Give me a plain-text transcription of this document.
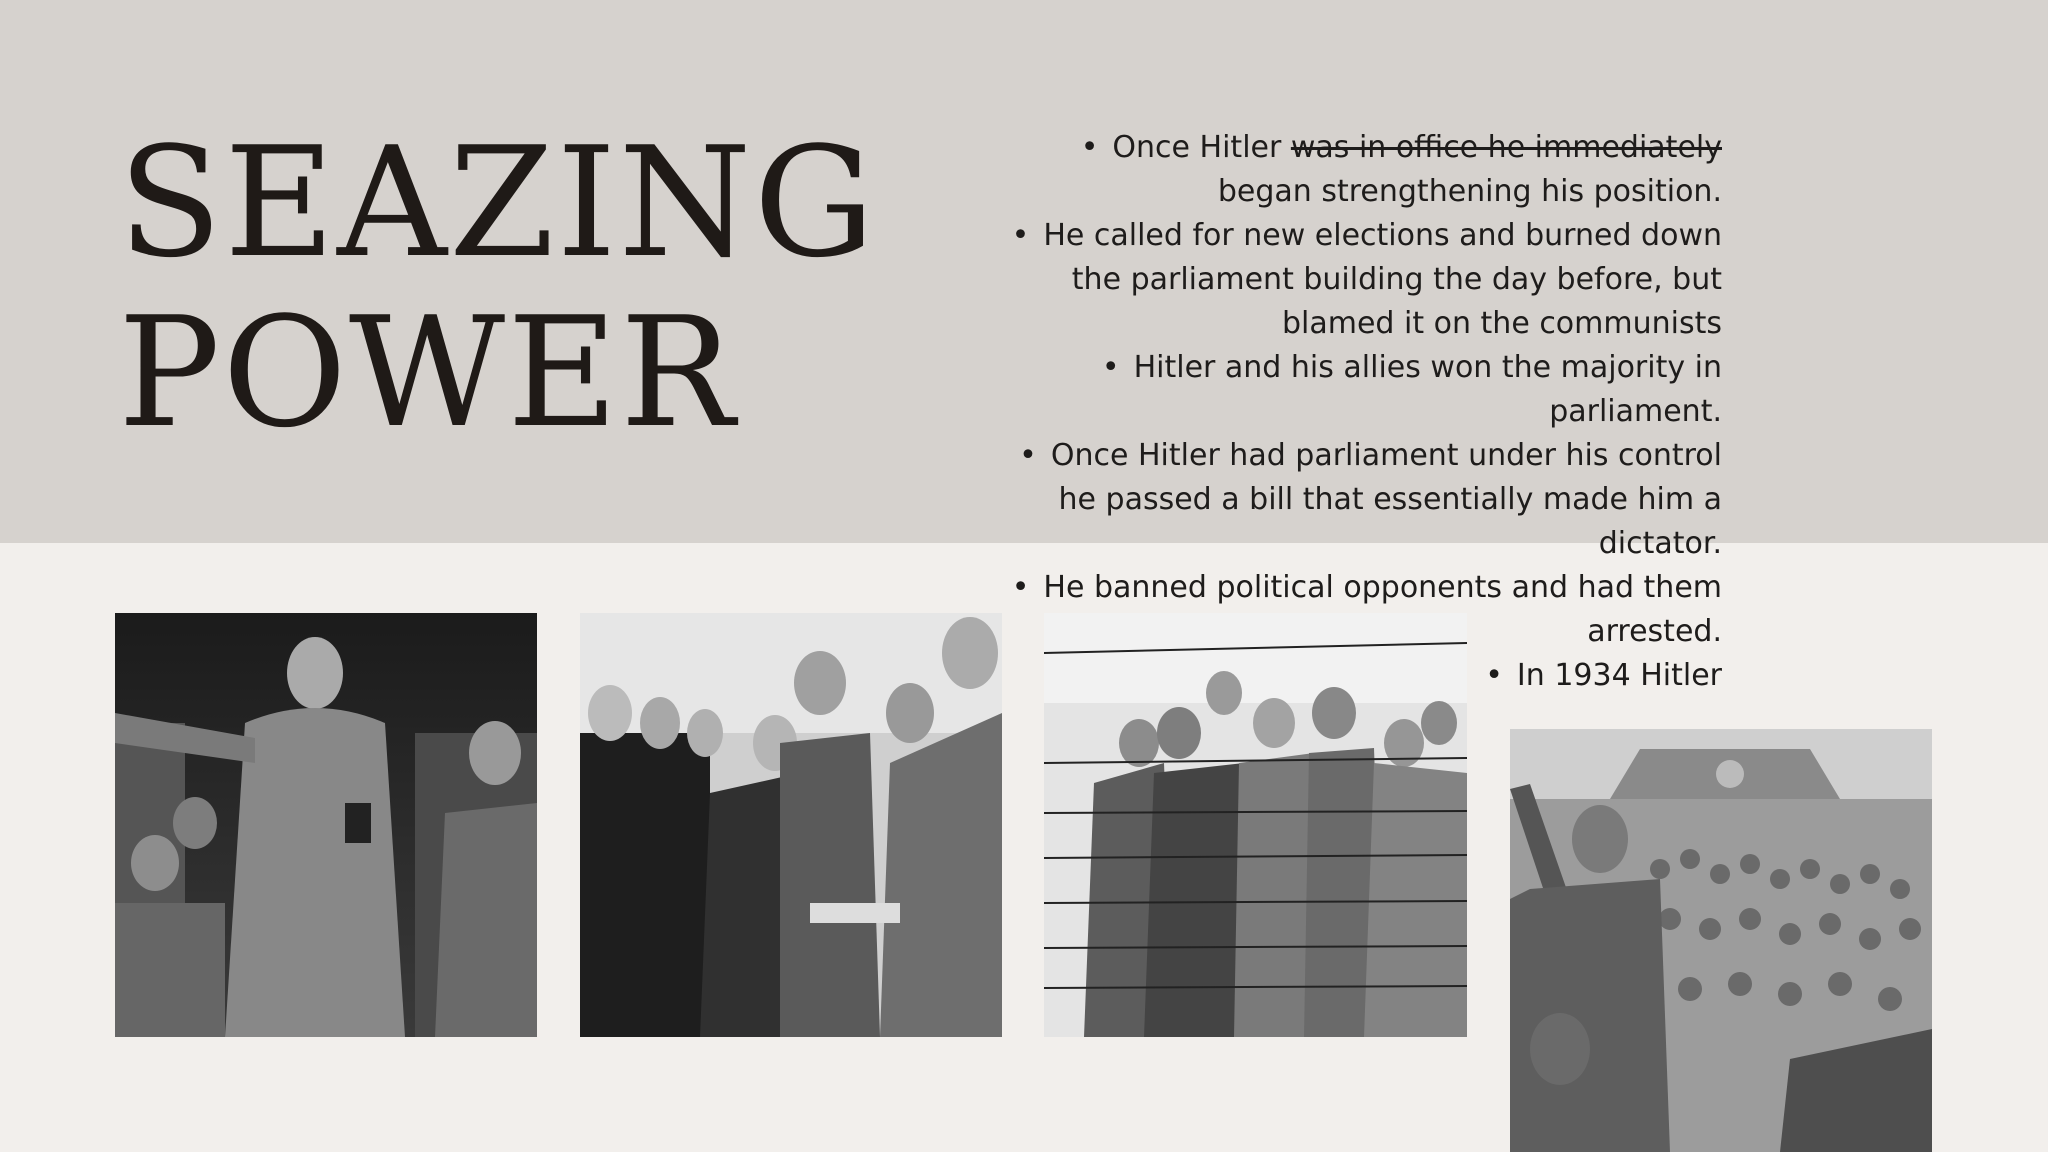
SEAZING
POWER
• Once Hitler was in office he immediately began strengthening his position.
• He called for new elections and burned down the parliament building the day before, but blamed it on the communists
• Hitler and his allies won the majority in parliament.
• Once Hitler had parliament under his control he passed a bill that essentially made him a dictator.
• He banned political opponents and had them arrested.
• In 1934 Hitler
